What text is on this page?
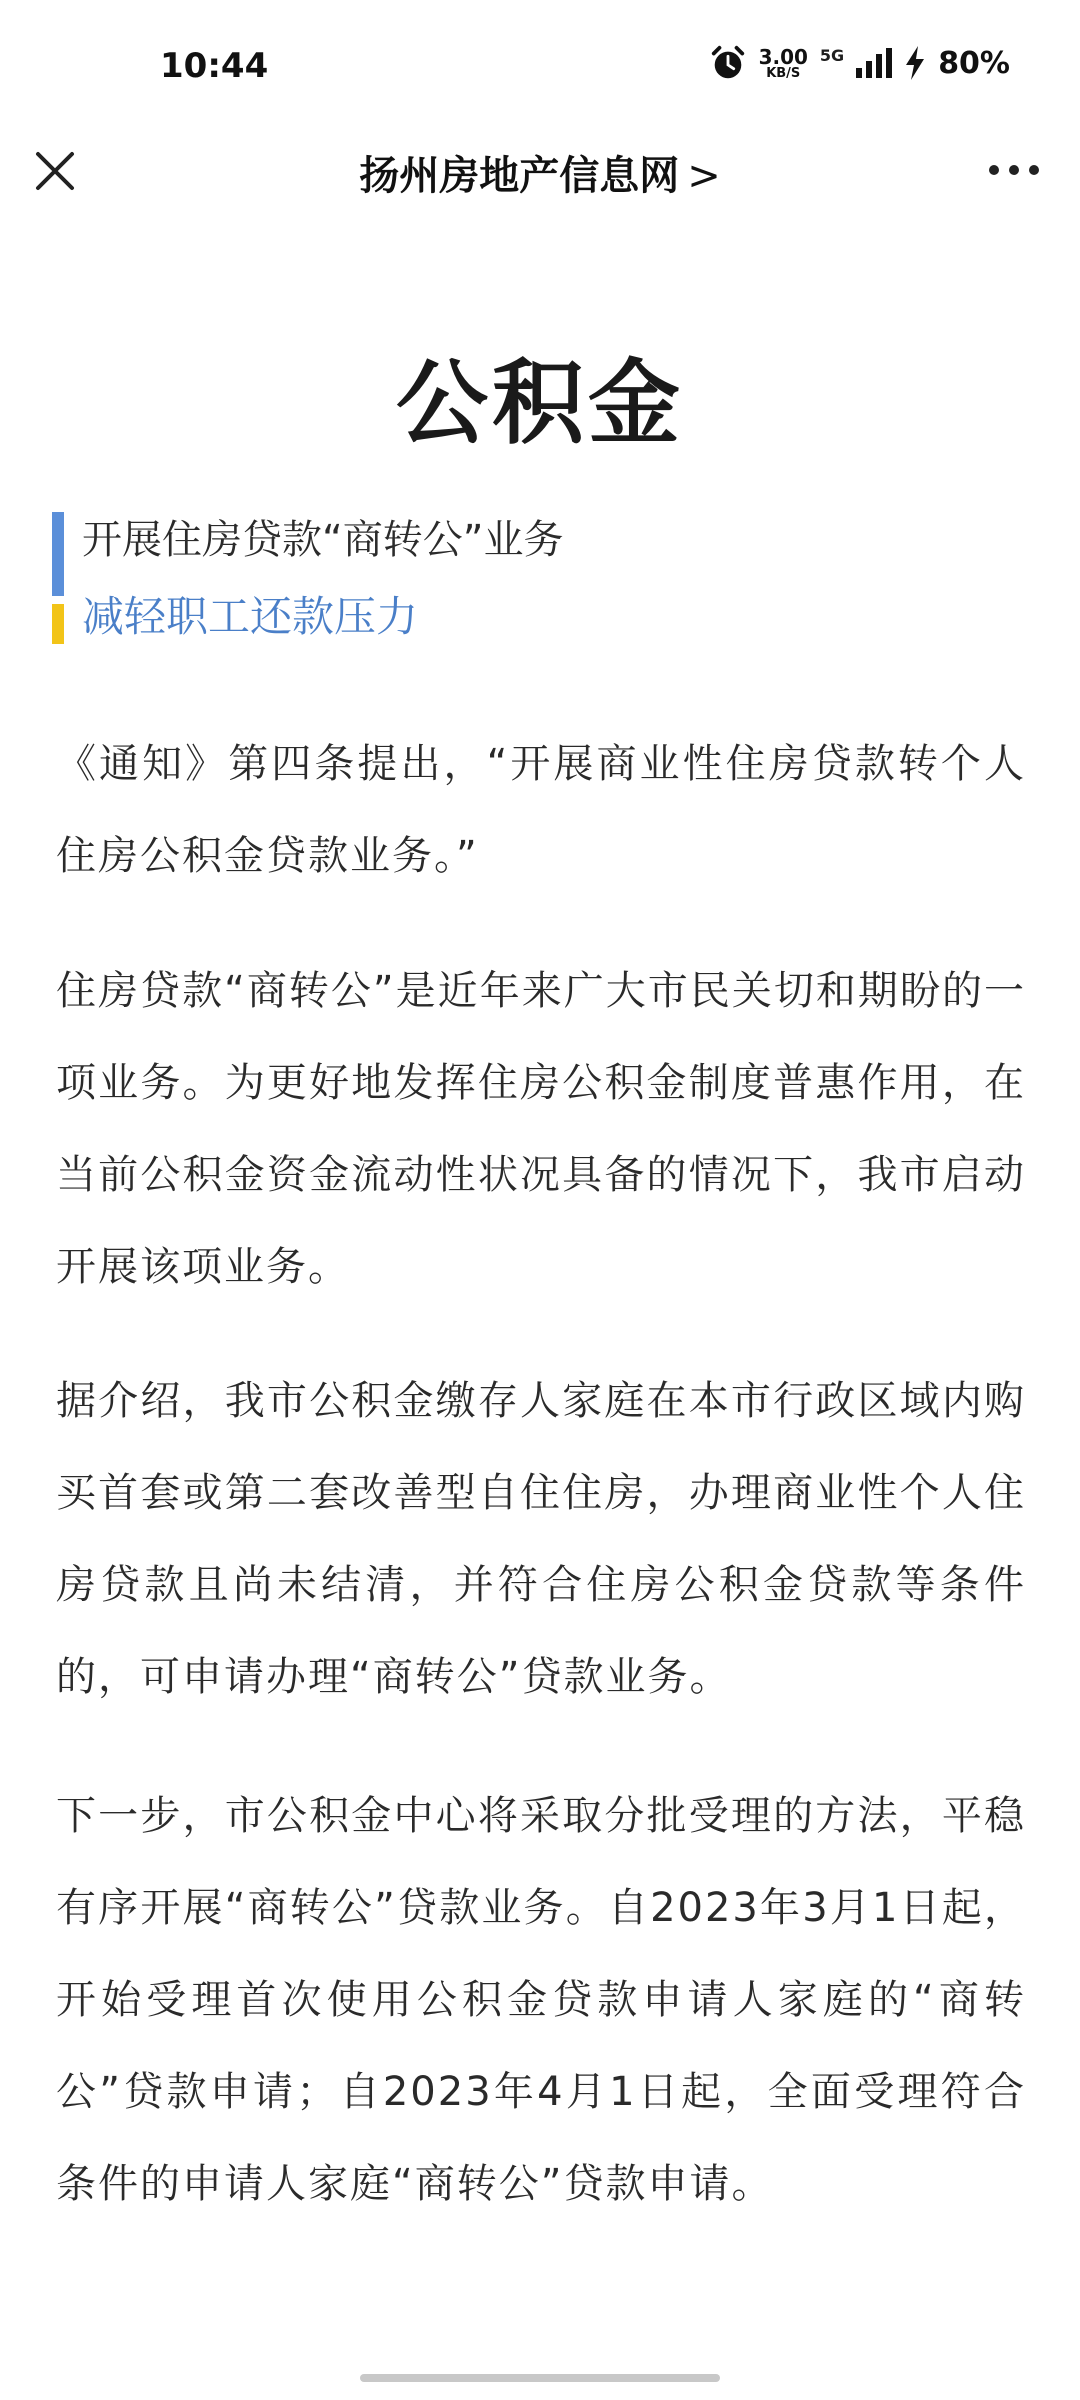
10:44	3.00
KB/S
5G	80%
扬州房地产信息网 >
公积金
开展住房贷款“商转公”业务
减轻职工还款压力

《通知》第四条提出，“开展商业性住房贷款转个人住房公积金贷款业务。”

住房贷款“商转公”是近年来广大市民关切和期盼的一项业务。为更好地发挥住房公积金制度普惠作用，在当前公积金资金流动性状况具备的情况下，我市启动开展该项业务。

据介绍，我市公积金缴存人家庭在本市行政区域内购买首套或第二套改善型自住住房，办理商业性个人住房贷款且尚未结清，并符合住房公积金贷款等条件的，可申请办理“商转公”贷款业务。

下一步，市公积金中心将采取分批受理的方法，平稳有序开展“商转公”贷款业务。自2023年3月1日起，开始受理首次使用公积金贷款申请人家庭的“商转公”贷款申请；自2023年4月1日起，全面受理符合条件的申请人家庭“商转公”贷款申请。
